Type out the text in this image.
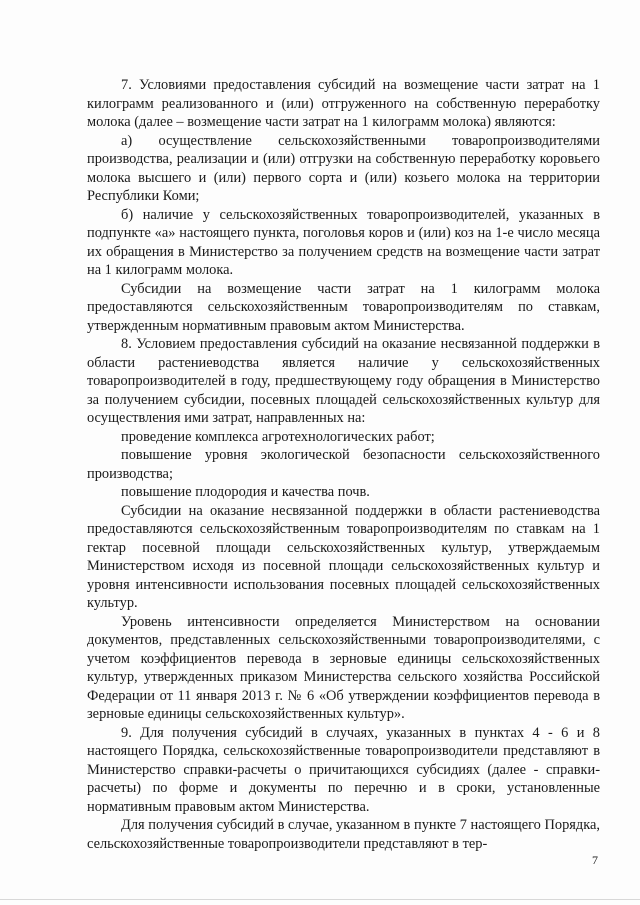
7. Условиями предоставления субсидий на возмещение части затрат на 1 килограмм реализованного и (или) отгруженного на собственную переработку молока (далее – возмещение части затрат на 1 килограмм молока) являются:

а) осуществление сельскохозяйственными товаропроизводителями производства, реализации и (или) отгрузки на собственную переработку коровьего молока высшего и (или) первого сорта и (или) козьего молока на территории Республики Коми;

б) наличие у сельскохозяйственных товаропроизводителей, указанных в подпункте «а» настоящего пункта, поголовья коров и (или) коз на 1-е число месяца их обращения в Министерство за получением средств на возмещение части затрат на 1 килограмм молока.

Субсидии на возмещение части затрат на 1 килограмм молока предоставляются сельскохозяйственным товаропроизводителям по ставкам, утвержденным нормативным правовым актом Министерства.

8. Условием предоставления субсидий на оказание несвязанной поддержки в области растениеводства является наличие у сельскохозяйственных товаропроизводителей в году, предшествующему году обращения в Министерство за получением субсидии, посевных площадей сельскохозяйственных культур для осуществления ими затрат, направленных на:

проведение комплекса агротехнологических работ;

повышение уровня экологической безопасности сельскохозяйственного производства;

повышение плодородия и качества почв.

Субсидии на оказание несвязанной поддержки в области растениеводства предоставляются сельскохозяйственным товаропроизводителям по ставкам на 1 гектар посевной площади сельскохозяйственных культур, утверждаемым Министерством исходя из посевной площади сельскохозяйственных культур и уровня интенсивности использования посевных площадей сельскохозяйственных культур.

Уровень интенсивности определяется Министерством на основании документов, представленных сельскохозяйственными товаропроизводителями, с учетом коэффициентов перевода в зерновые единицы сельскохозяйственных культур, утвержденных приказом Министерства сельского хозяйства Российской Федерации от 11 января 2013 г. № 6 «Об утверждении коэффициентов перевода в зерновые единицы сельскохозяйственных культур».

9. Для получения субсидий в случаях, указанных в пунктах 4 - 6 и 8 настоящего Порядка, сельскохозяйственные товаропроизводители представляют в Министерство справки-расчеты о причитающихся субсидиях (далее - справки-расчеты) по форме и документы по перечню и в сроки, установленные нормативным правовым актом Министерства.

Для получения субсидий в случае, указанном в пункте 7 настоящего Порядка, сельскохозяйственные товаропроизводители представляют в тер-

7
